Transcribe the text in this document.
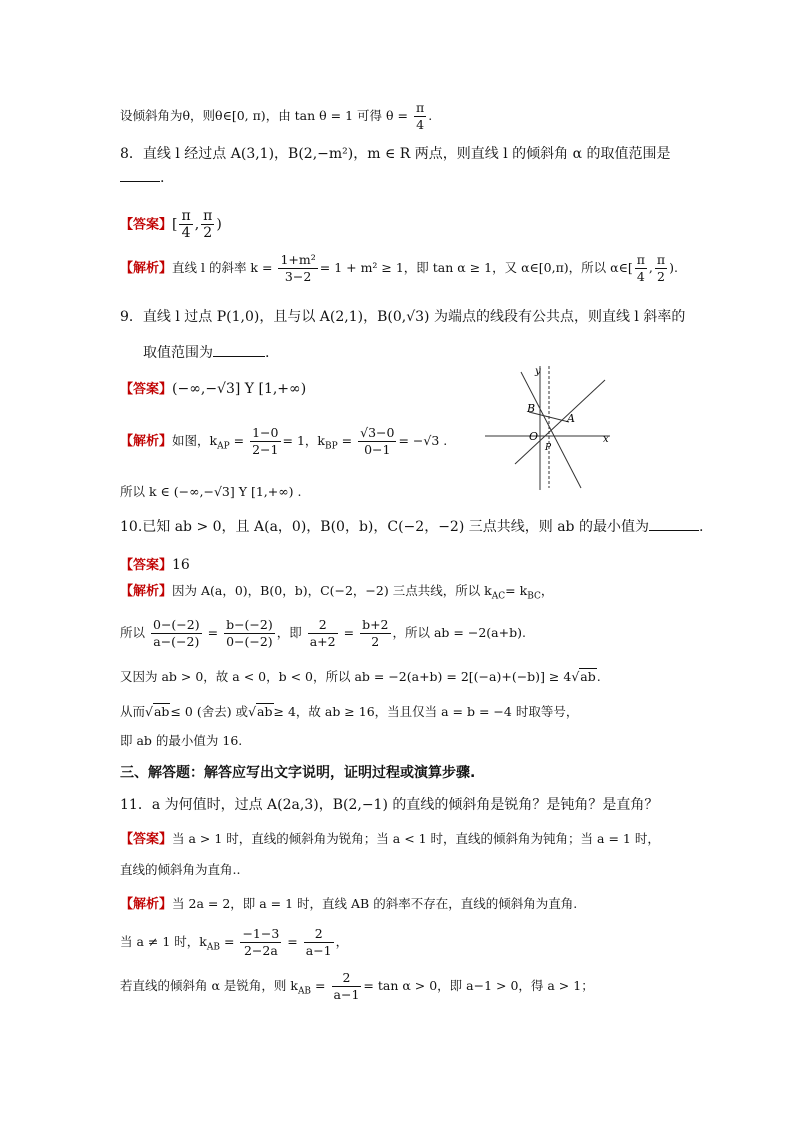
设倾斜角为θ，则θ∈[0, π)，由 tan θ = 1 可得 $\theta = \frac{\pi}{4}$ .
8．直线 l 经过点 A(3,1)，B(2,−m²)，m ∈ R 两点，则直线 l 的倾斜角 α 的取值范围是
.
【答案】[ $\frac{\pi}{4}$ , $\frac{\pi}{2}$ )
【解析】直线 l 的斜率 $k = \frac{\text{1+m²}}{3-2} = 1 + m^2 \ge 1$，即 tan α ≥ 1，又 α∈[0,π)，所以 α∈[ $\frac{\pi}{4}$ , $\frac{\pi}{2}$ ).
9．直线 l 过点 P(1,0)，且与以 A(2,1)，B(0,√3) 为端点的线段有公共点，则直线 l 斜率的
取值范围为	.
【答案】(−∞,−√3] Y [1,+∞)
【解析】如图，$k_{AP} = \frac{1-0}{2-1} = 1$，$k_{BP} = \frac{√3-0}{0-1} = -√3$ .
所以 k ∈ (−∞,−√3] Y [1,+∞) .
y
x
O
A
B
P
10.已知 ab > 0，且 A(a，0)，B(0，b)，C(−2，−2) 三点共线，则 ab 的最小值为	.
【答案】16
【解析】因为 A(a，0)，B(0，b)，C(−2，−2) 三点共线，所以 $k_{AC}= k_{BC}$，
所以 $\frac{0-(-2)}{a-(-2)} = \frac{b-(-2)}{0-(-2)}$ ，即 $\frac{2}{a+2} = \frac{b+2}{2}$ ，所以 ab = −2(a+b).
又因为 ab > 0，故 a < 0，b < 0，所以 ab = −2(a+b) = 2[(−a)+(−b)] ≥ 4√ab.
从而√ab≤ 0 (舍去) 或√ab≥ 4，故 ab ≥ 16，当且仅当 a = b = −4 时取等号，
即 ab 的最小值为 16.
三、解答题：解答应写出文字说明，证明过程或演算步骤.
11．a 为何值时，过点 A(2a,3)，B(2,−1) 的直线的倾斜角是锐角？是钝角？是直角？
【答案】当 a > 1 时，直线的倾斜角为锐角；当 a < 1 时，直线的倾斜角为钝角；当 a = 1 时，
直线的倾斜角为直角..
【解析】当 2a = 2，即 a = 1 时，直线 AB 的斜率不存在，直线的倾斜角为直角.
当 a ≠ 1 时，$k_{AB} = \frac{-1-3}{2-2a} = \frac{2}{a-1}$ ，
若直线的倾斜角 α 是锐角，则 $k_{AB} = \frac{2}{a-1} = \tan \alpha > 0$，即 a−1 > 0，得 a > 1；
